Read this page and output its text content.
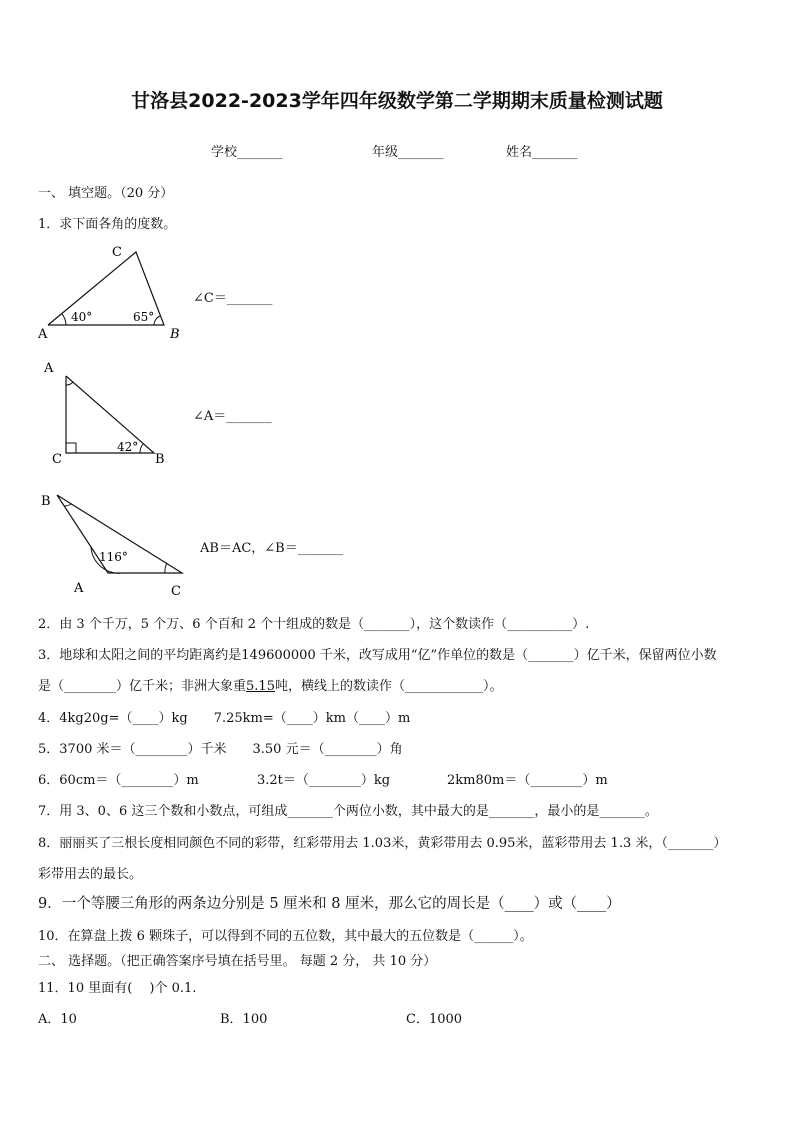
甘洛县2022-2023学年四年级数学第二学期期末质量检测试题
学校_______	年级_______	姓名_______
一、 填空题。（20 分）
1．求下面各角的度数。
A	B
C
40°	65°
∠C＝_______
A
C	B
42°
∠A＝_______
B
A	C
116°
AB＝AC，∠B＝_______
2．由 3 个千万，5 个万、6 个百和 2 个十组成的数是（_______），这个数读作（__________）.
3．地球和太阳之间的平均距离约是149600000 千米，改写成用“亿”作单位的数是（_______）亿千米，保留两位小数
是（________）亿千米；非洲大象重5.15吨，横线上的数读作（____________）。
4．4kg20g=（____）kg　　7.25km=（____）km（____）m
5．3700 米＝（________）千米　　3.50 元＝（________）角
6．60cm＝（________）m	3.2t＝（________）kg	2km80m＝（________）m
7．用 3、0、6 这三个数和小数点，可组成_______个两位小数，其中最大的是_______，最小的是_______。
8．丽丽买了三根长度相同颜色不同的彩带，红彩带用去 1.03米，黄彩带用去 0.95米，蓝彩带用去 1.3 米，（_______）
彩带用去的最长。
9．一个等腰三角形的两条边分别是 5 厘米和 8 厘米，那么它的周长是（____）或（____）
10．在算盘上拨 6 颗珠子，可以得到不同的五位数，其中最大的五位数是（______）。
二、 选择题。（把正确答案序号填在括号里。 每题 2 分， 共 10 分）
11．10 里面有(　 )个 0.1.
A．10	B．100	C．1000
